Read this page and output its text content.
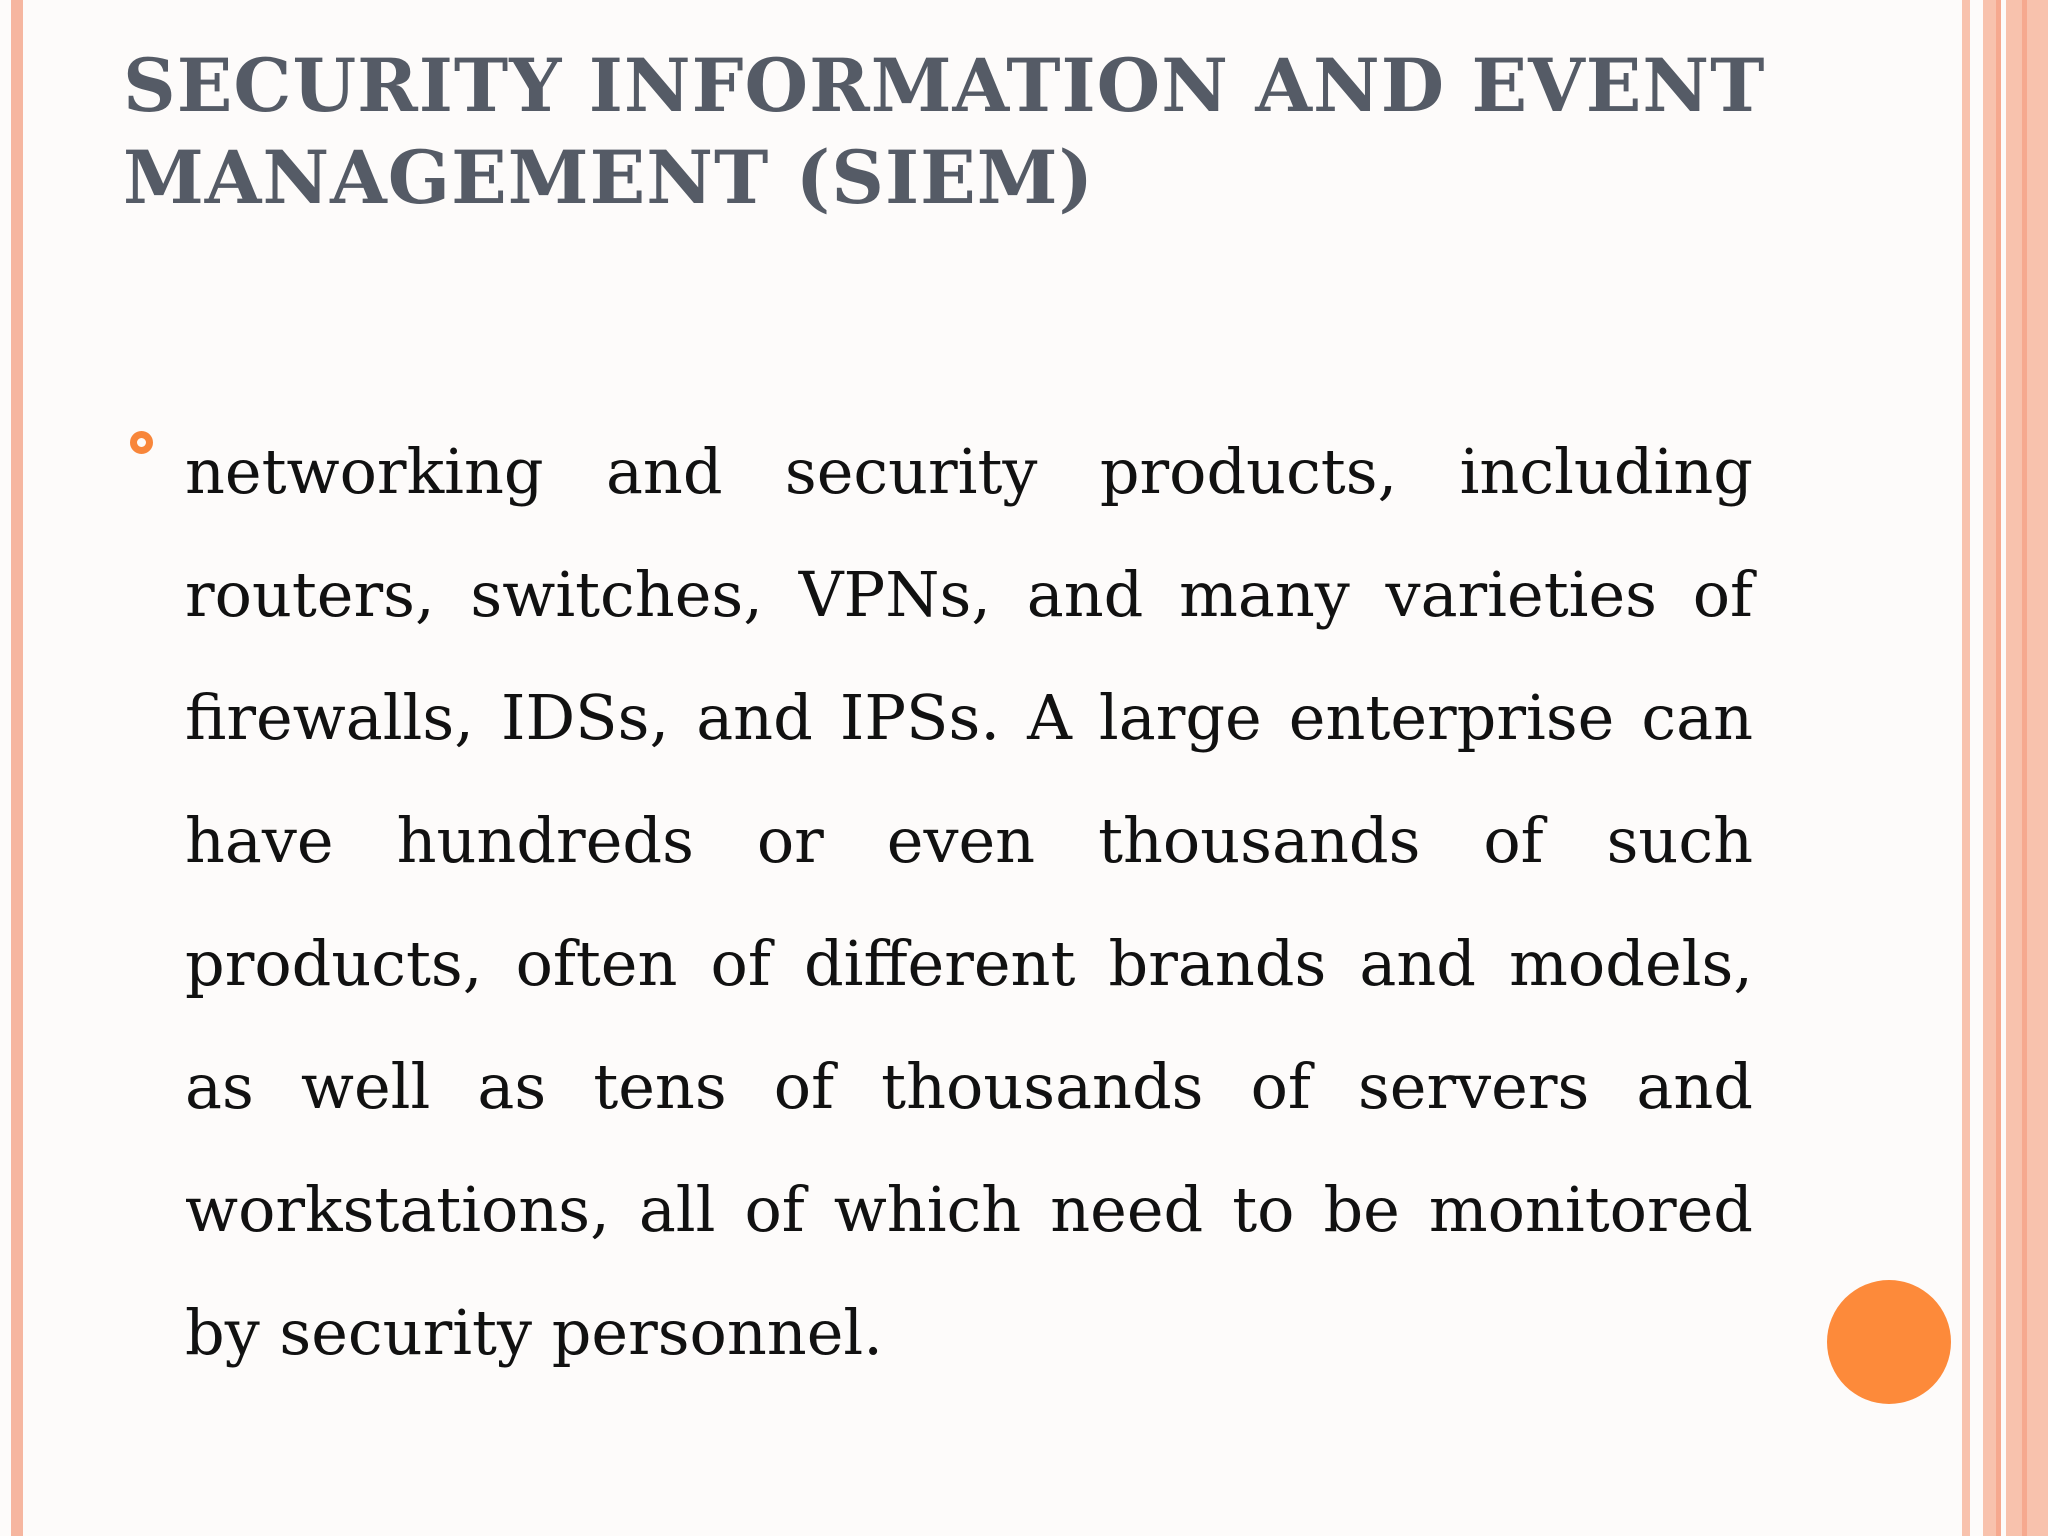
SECURITY INFORMATION AND EVENT MANAGEMENT (SIEM)

networking and security products, including routers, switches, VPNs, and many varieties of firewalls, IDSs, and IPSs. A large enterprise can have hundreds or even thousands of such products, often of different brands and models, as well as tens of thousands of servers and workstations, all of which need to be monitored by security personnel.
